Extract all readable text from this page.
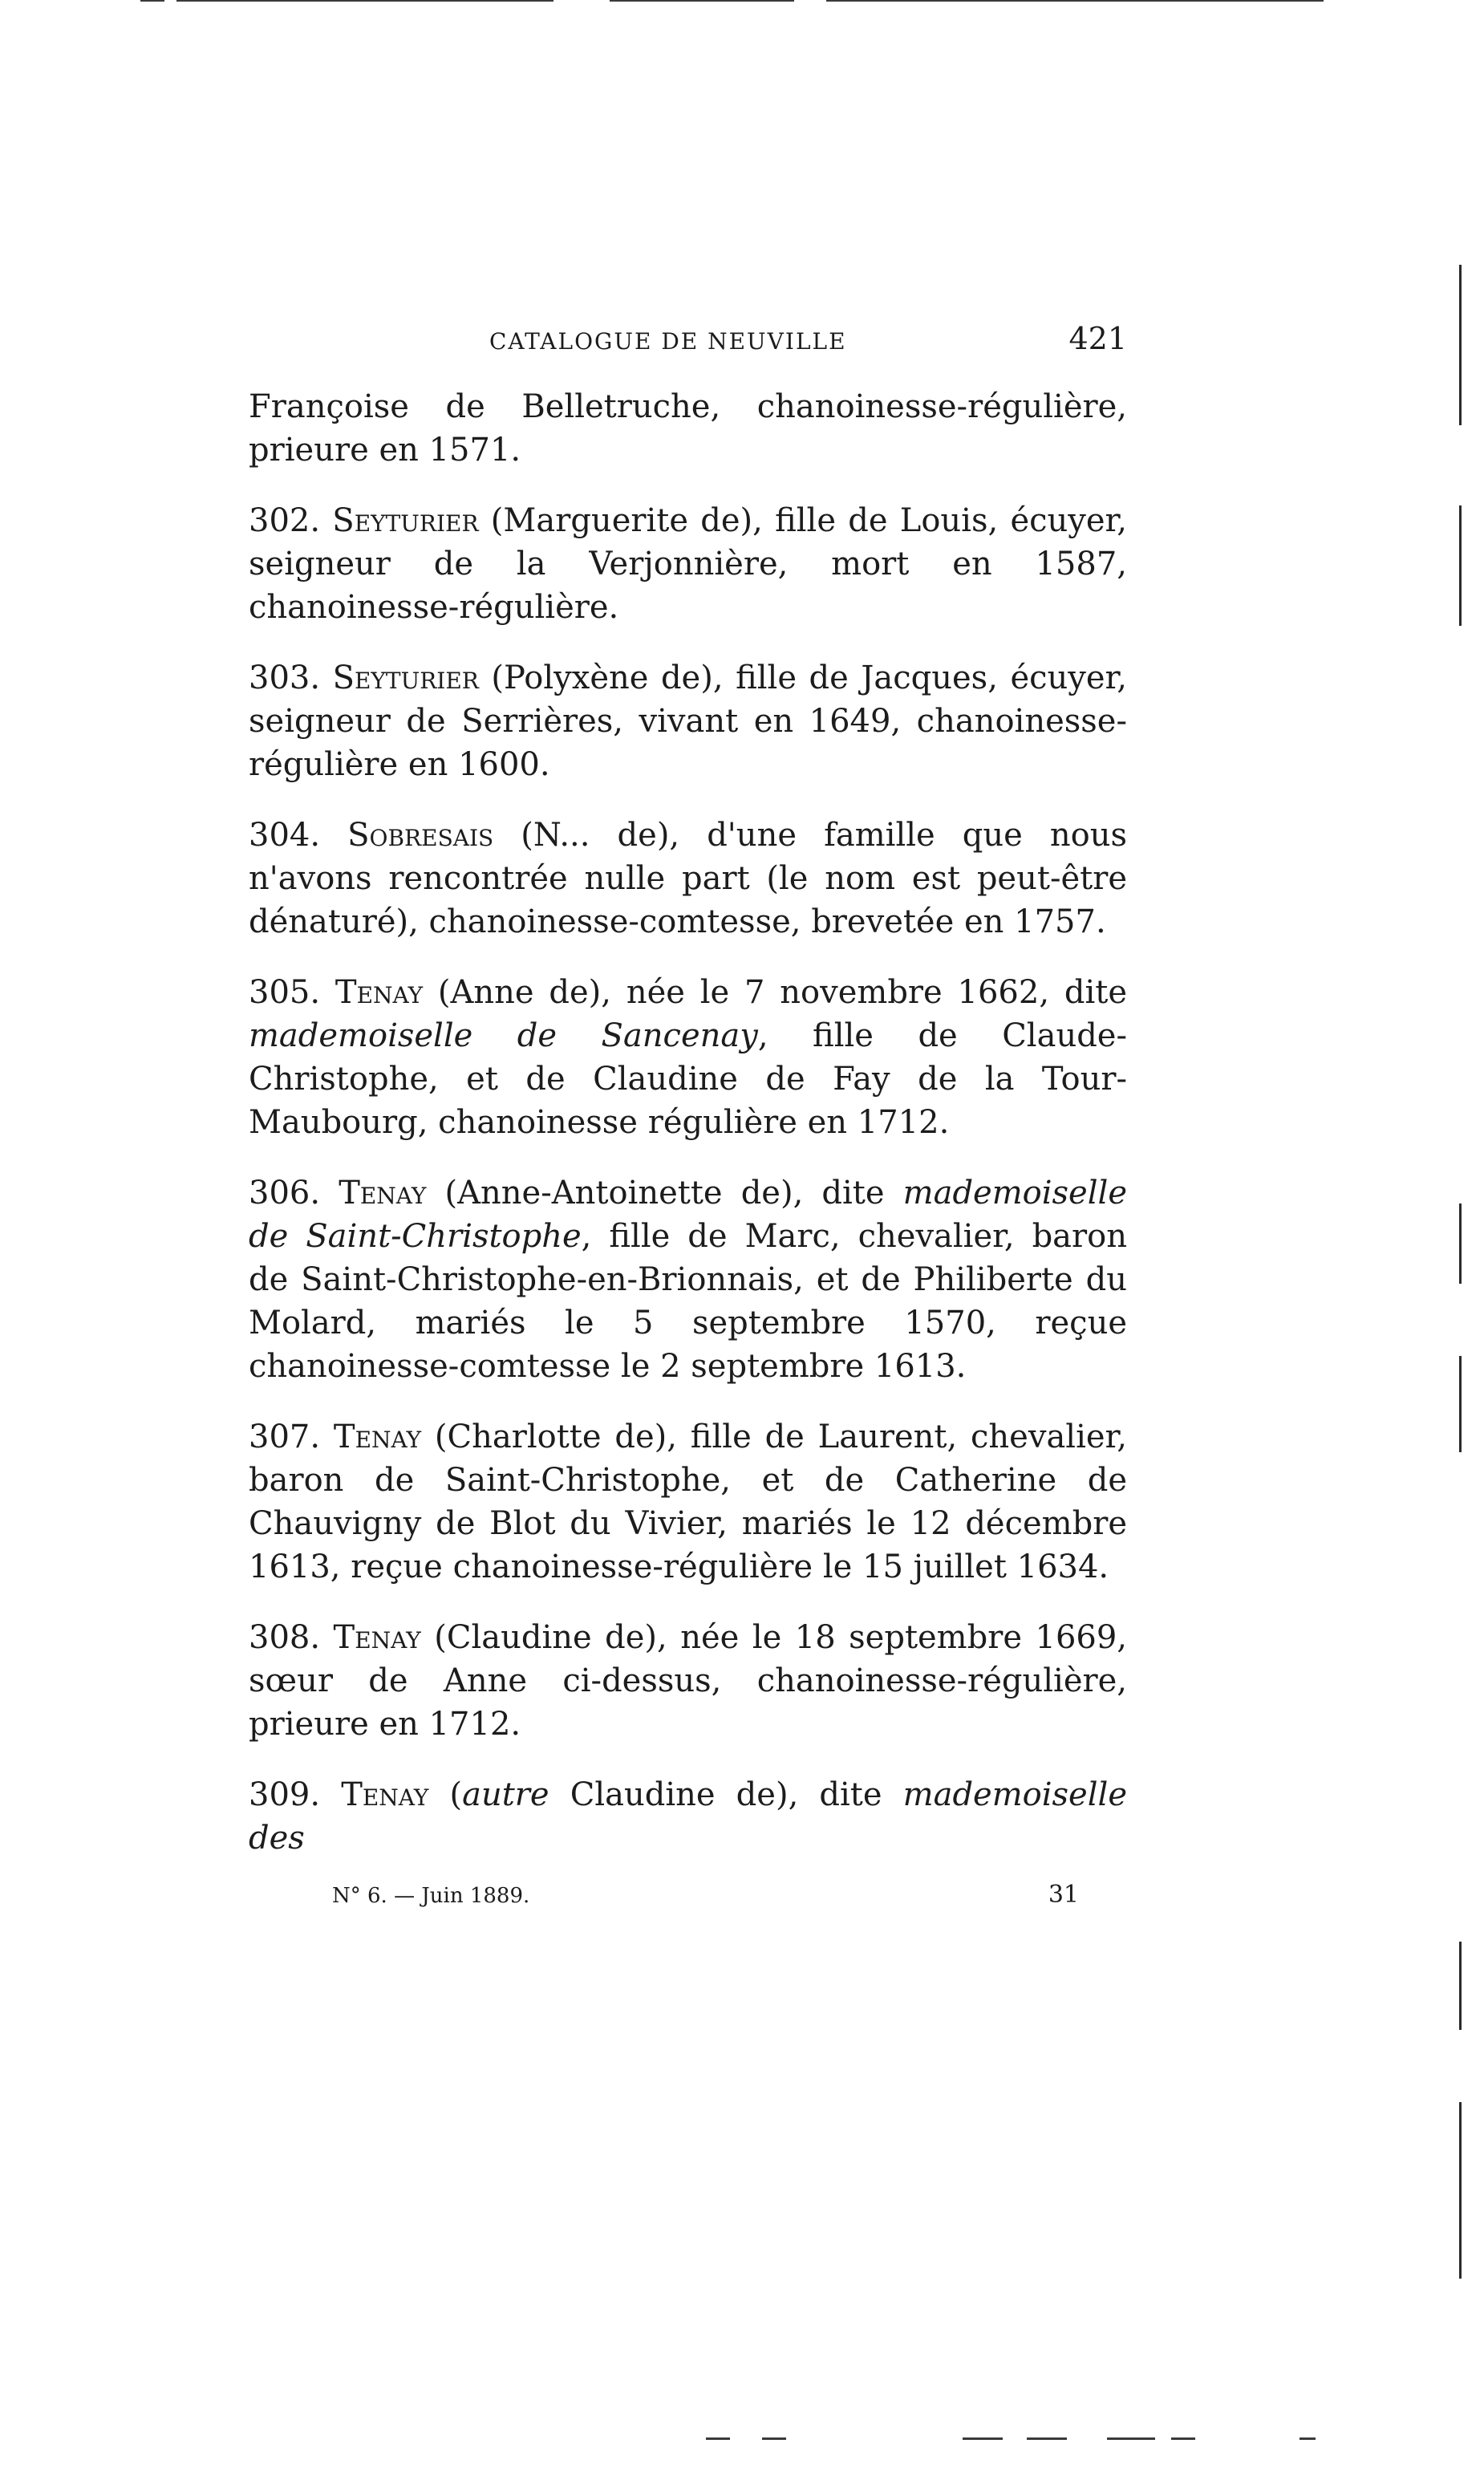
CATALOGUE DE NEUVILLE	421

Françoise de Belletruche, chanoinesse-régulière, prieure en 1571.

302. Seyturier (Marguerite de), fille de Louis, écuyer, seigneur de la Verjonnière, mort en 1587, chanoinesse-régulière.

303. Seyturier (Polyxène de), fille de Jacques, écuyer, seigneur de Serrières, vivant en 1649, chanoinesse-régulière en 1600.

304. Sobresais (N... de), d'une famille que nous n'avons rencontrée nulle part (le nom est peut-être dénaturé), chanoinesse-comtesse, brevetée en 1757.

305. Tenay (Anne de), née le 7 novembre 1662, dite mademoiselle de Sancenay, fille de Claude-Christophe, et de Claudine de Fay de la Tour-Maubourg, chanoinesse régulière en 1712.

306. Tenay (Anne-Antoinette de), dite mademoiselle de Saint-Christophe, fille de Marc, chevalier, baron de Saint-Christophe-en-Brionnais, et de Philiberte du Molard, mariés le 5 septembre 1570, reçue chanoinesse-comtesse le 2 septembre 1613.

307. Tenay (Charlotte de), fille de Laurent, chevalier, baron de Saint-Christophe, et de Catherine de Chauvigny de Blot du Vivier, mariés le 12 décembre 1613, reçue chanoinesse-régulière le 15 juillet 1634.

308. Tenay (Claudine de), née le 18 septembre 1669, sœur de Anne ci-dessus, chanoinesse-régulière, prieure en 1712.

309. Tenay (autre Claudine de), dite mademoiselle des

N° 6. — Juin 1889.	31
